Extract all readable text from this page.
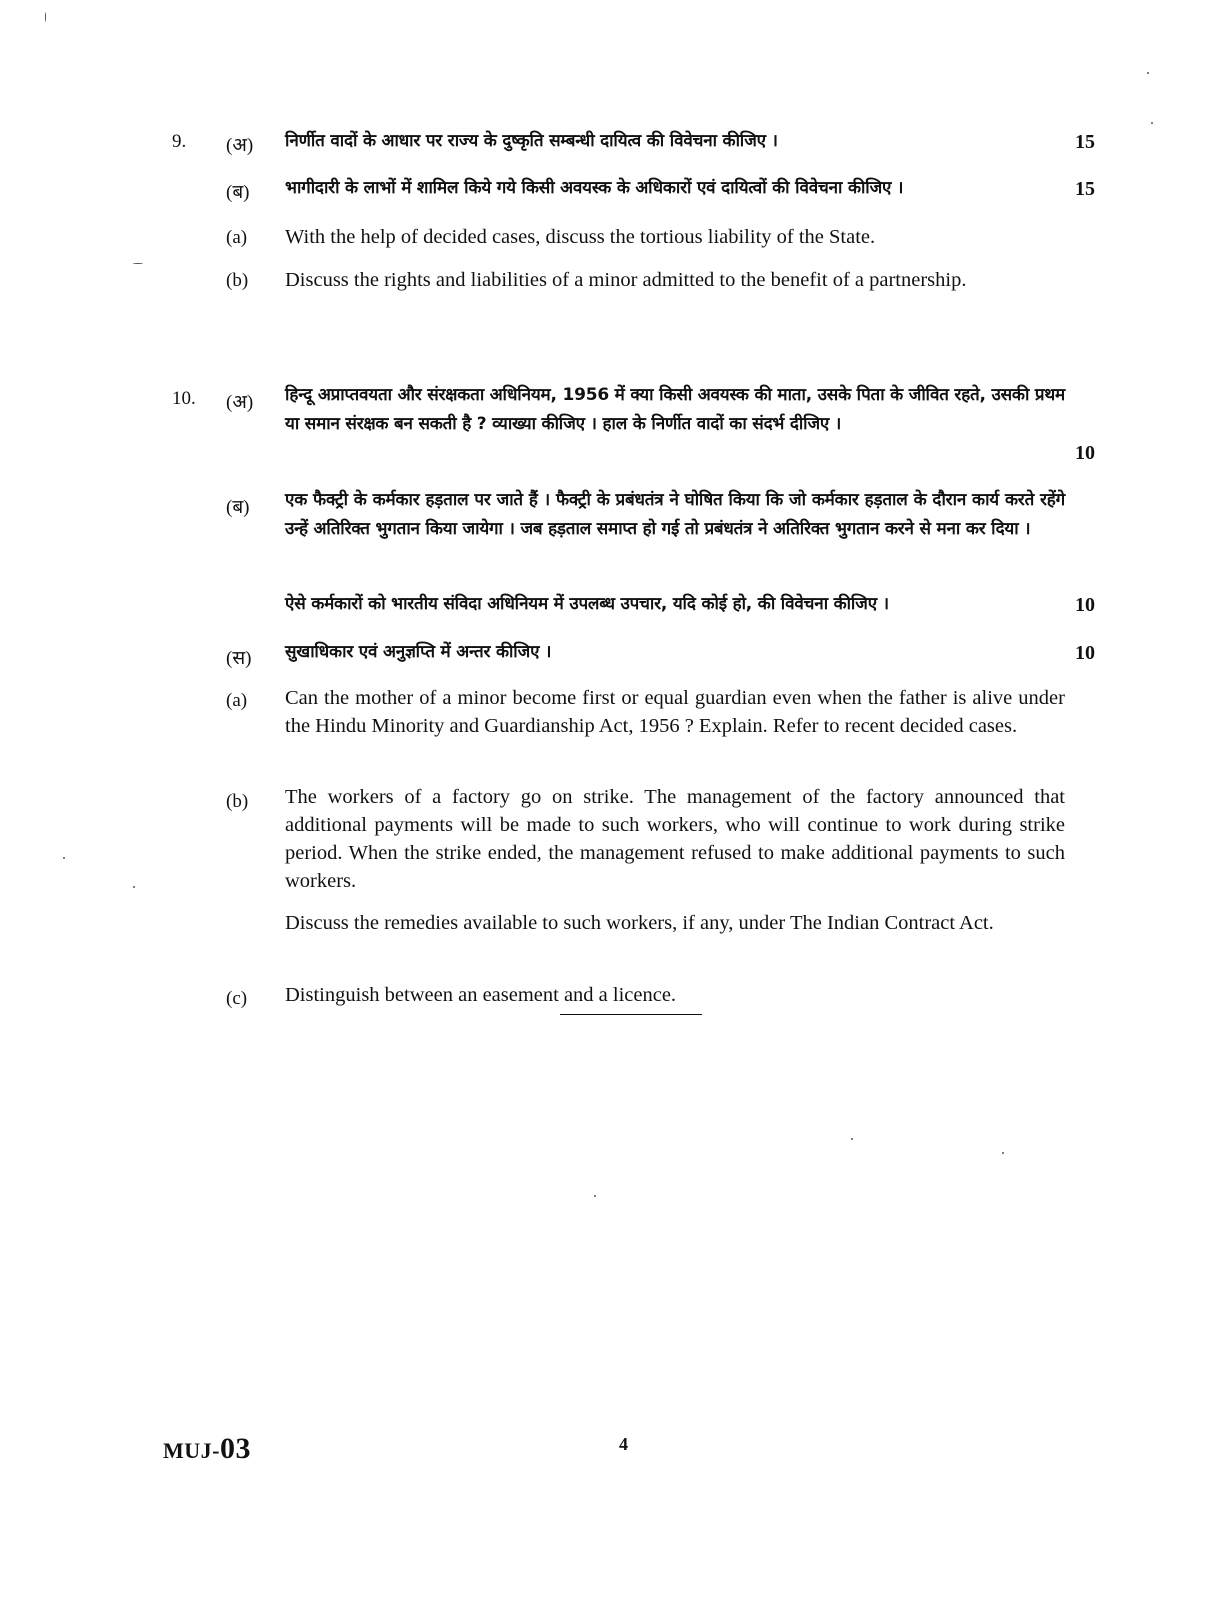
9. (अ) निर्णीत वादों के आधार पर राज्य के दुष्कृति सम्बन्धी दायित्व की विवेचना कीजिए ।	15
(ब) भागीदारी के लाभों में शामिल किये गये किसी अवयस्क के अधिकारों एवं दायित्वों की विवेचना कीजिए ।	15
(a) With the help of decided cases, discuss the tortious liability of the State.
(b) Discuss the rights and liabilities of a minor admitted to the benefit of a partnership.
10. (अ) हिन्दू अप्राप्तवयता और संरक्षकता अधिनियम, 1956 में क्या किसी अवयस्क की माता, उसके पिता के जीवित रहते, उसकी प्रथम या समान संरक्षक बन सकती है ? व्याख्या कीजिए । हाल के निर्णीत वादों का संदर्भ दीजिए ।
10
(ब) एक फैक्ट्री के कर्मकार हड़ताल पर जाते हैं । फैक्ट्री के प्रबंधतंत्र ने घोषित किया कि जो कर्मकार हड़ताल के दौरान कार्य करते रहेंगे उन्हें अतिरिक्त भुगतान किया जायेगा । जब हड़ताल समाप्त हो गई तो प्रबंधतंत्र ने अतिरिक्त भुगतान करने से मना कर दिया ।
ऐसे कर्मकारों को भारतीय संविदा अधिनियम में उपलब्ध उपचार, यदि कोई हो, की विवेचना कीजिए ।	10
(स) सुखाधिकार एवं अनुज्ञप्ति में अन्तर कीजिए ।	10
(a) Can the mother of a minor become first or equal guardian even when the father is alive under the Hindu Minority and Guardianship Act, 1956 ? Explain. Refer to recent decided cases.
(b) The workers of a factory go on strike. The management of the factory announced that additional payments will be made to such workers, who will continue to work during strike period. When the strike ended, the management refused to make additional payments to such workers.
Discuss the remedies available to such workers, if any, under The Indian Contract Act.
(c) Distinguish between an easement and a licence.
MUJ-03	4
